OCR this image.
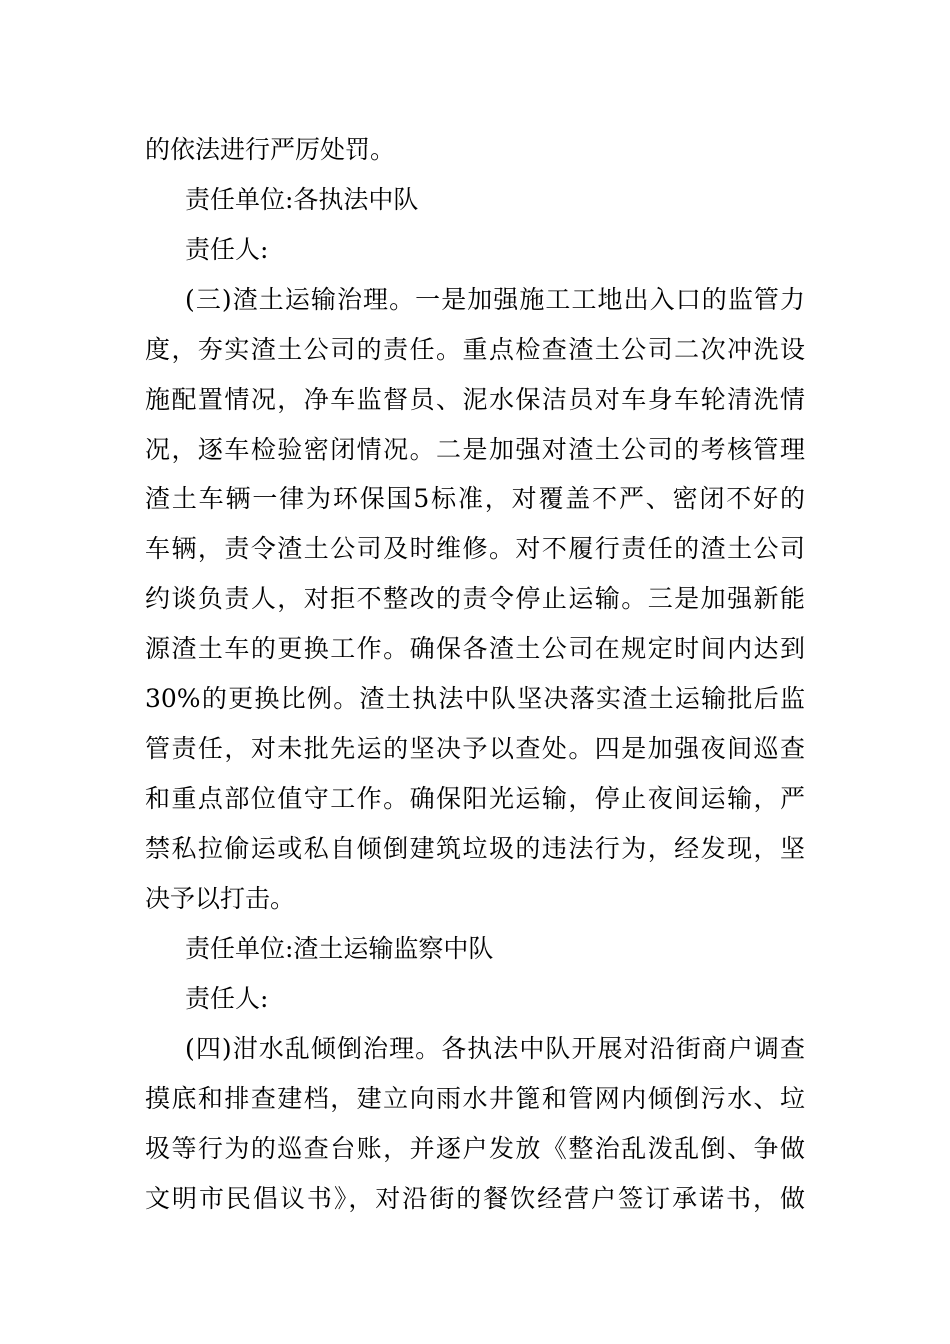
的依法进行严厉处罚。
责任单位:各执法中队
责任人:
(三)渣土运输治理。一是加强施工工地出入口的监管力
度，夯实渣土公司的责任。重点检查渣土公司二次冲洗设
施配置情况，净车监督员、泥水保洁员对车身车轮清洗情
况，逐车检验密闭情况。二是加强对渣土公司的考核管理
渣土车辆一律为环保国5标准，对覆盖不严、密闭不好的
车辆，责令渣土公司及时维修。对不履行责任的渣土公司
约谈负责人，对拒不整改的责令停止运输。三是加强新能
源渣土车的更换工作。确保各渣土公司在规定时间内达到
30%的更换比例。渣土执法中队坚决落实渣土运输批后监
管责任，对未批先运的坚决予以查处。四是加强夜间巡查
和重点部位值守工作。确保阳光运输，停止夜间运输，严
禁私拉偷运或私自倾倒建筑垃圾的违法行为，经发现，坚
决予以打击。
责任单位:渣土运输监察中队
责任人:
(四)泔水乱倾倒治理。各执法中队开展对沿街商户调查
摸底和排查建档，建立向雨水井篦和管网内倾倒污水、垃
圾等行为的巡查台账，并逐户发放《整治乱泼乱倒、争做
文明市民倡议书》，对沿街的餐饮经营户签订承诺书，做
